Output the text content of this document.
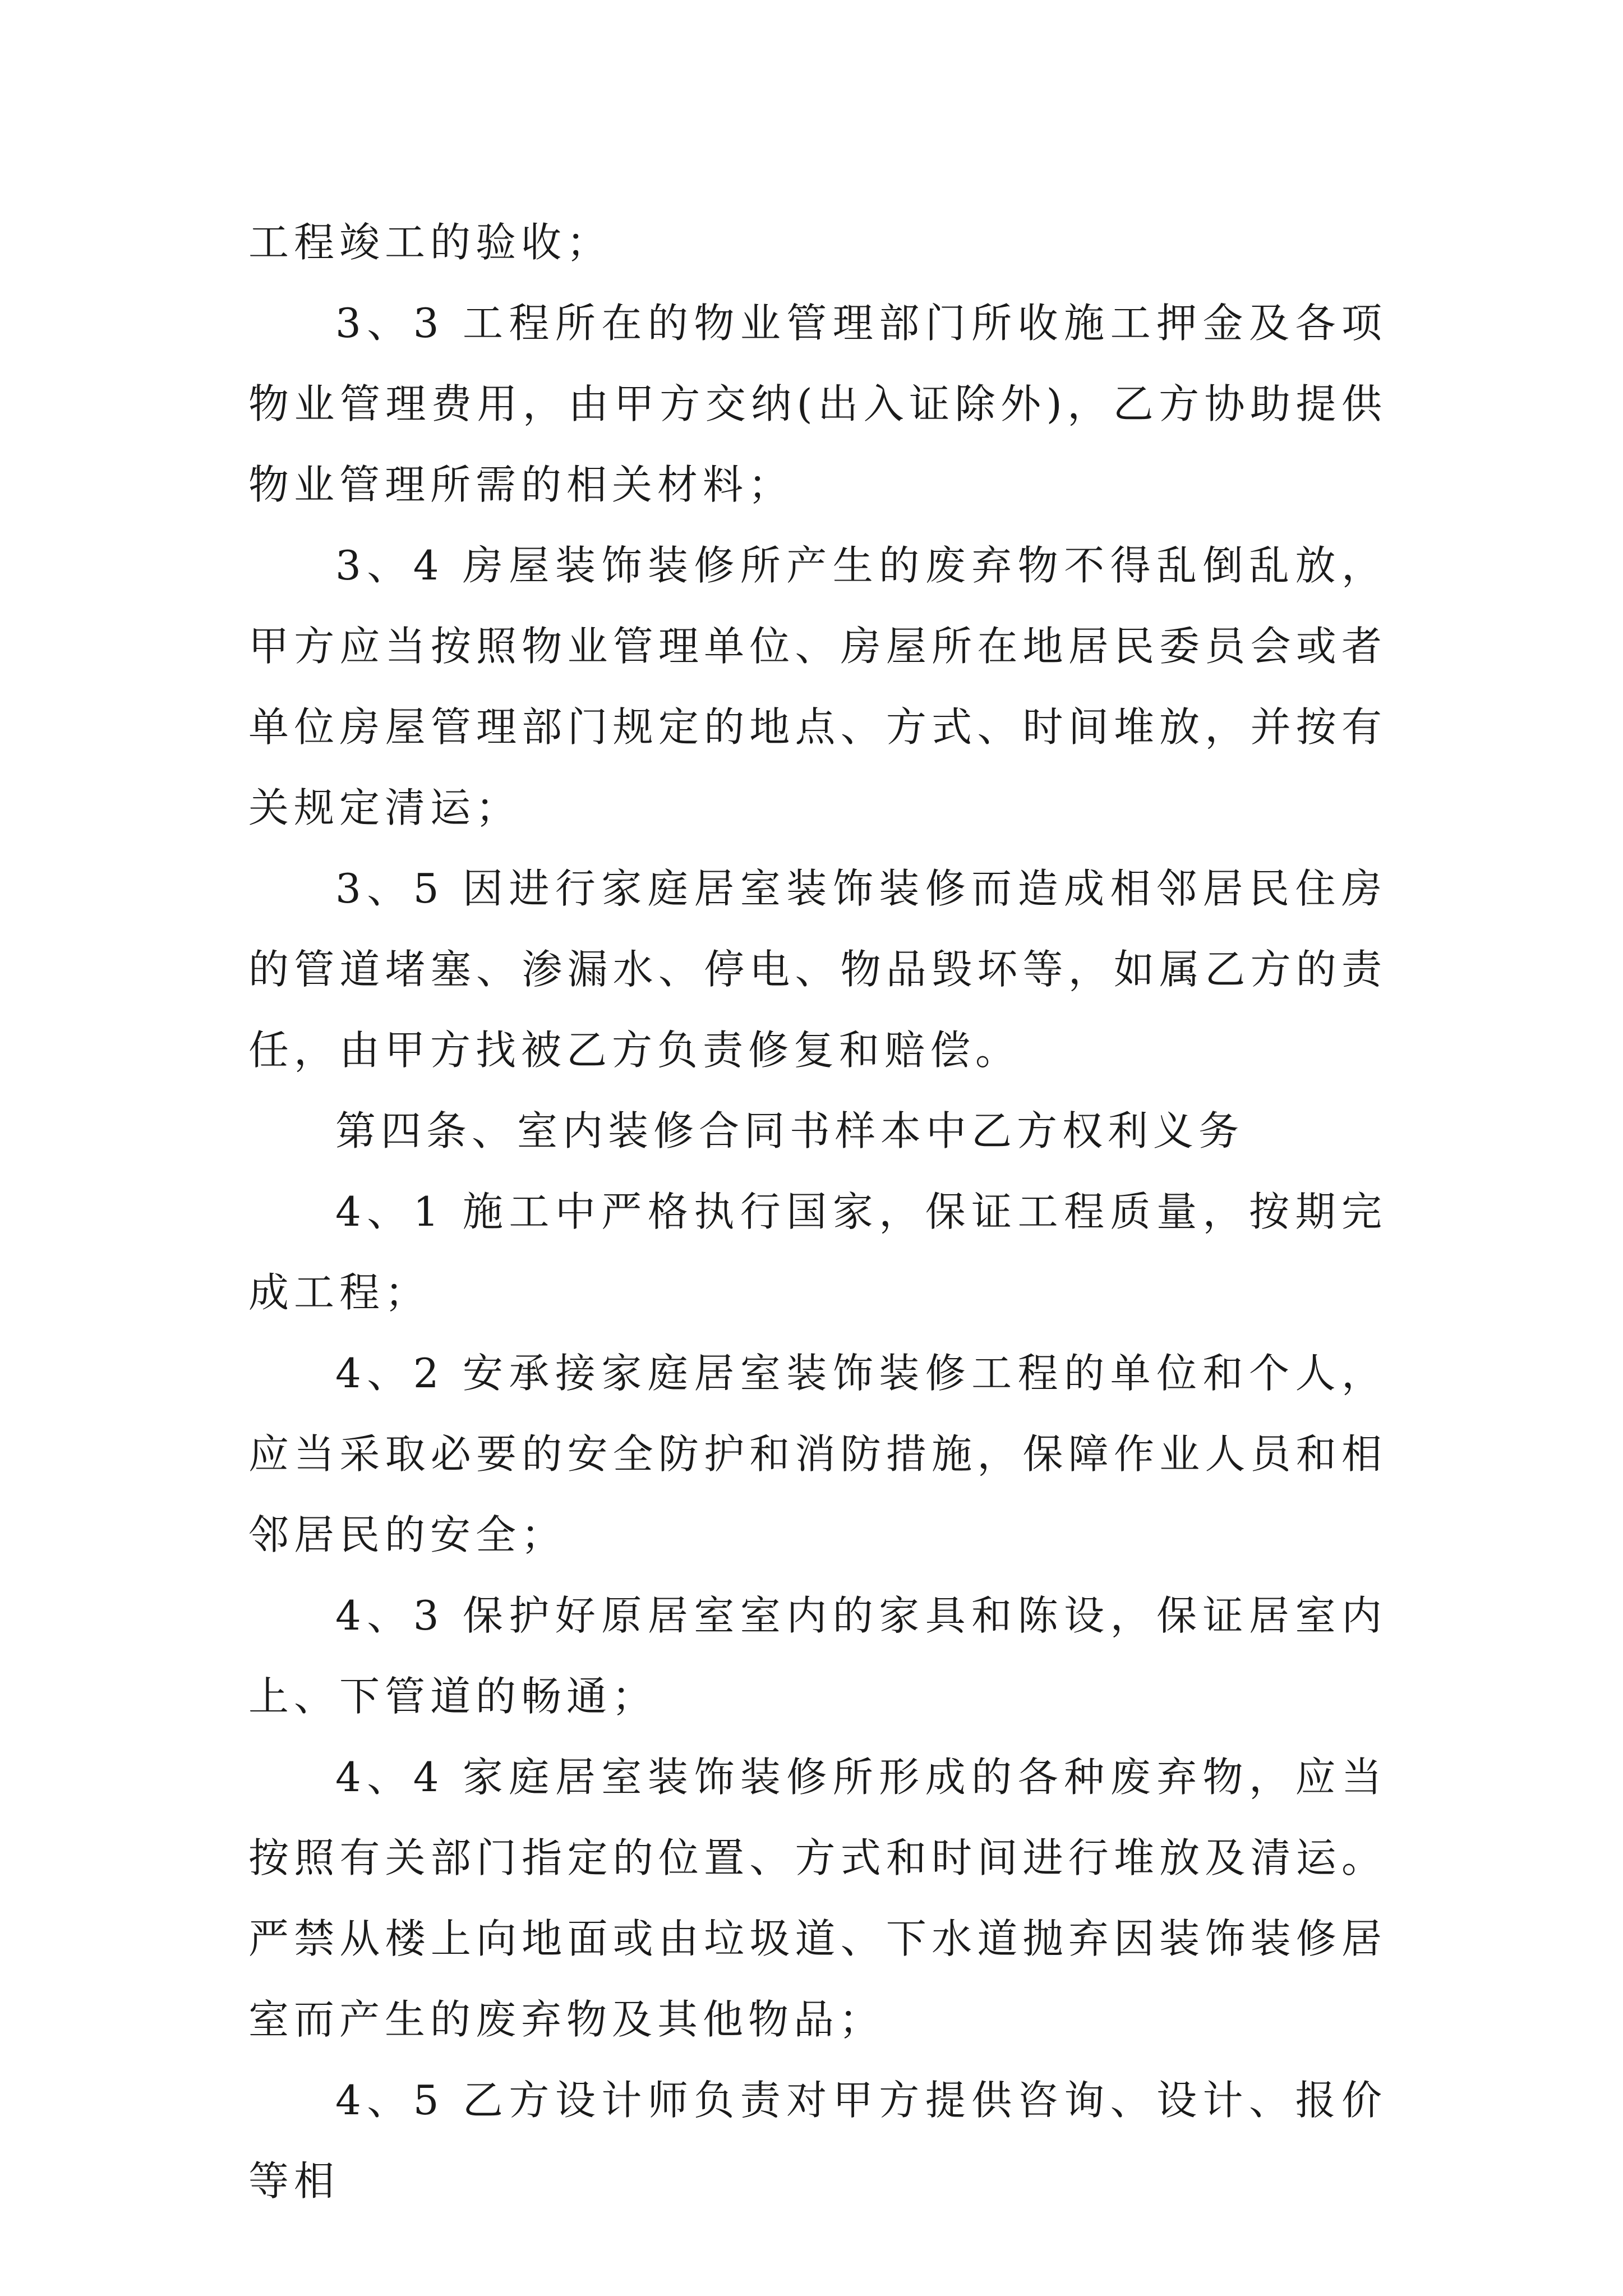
工程竣工的验收；

3、3 工程所在的物业管理部门所收施工押金及各项物业管理费用，由甲方交纳(出入证除外)，乙方协助提供物业管理所需的相关材料；

3、4 房屋装饰装修所产生的废弃物不得乱倒乱放，甲方应当按照物业管理单位、房屋所在地居民委员会或者单位房屋管理部门规定的地点、方式、时间堆放，并按有关规定清运；

3、5 因进行家庭居室装饰装修而造成相邻居民住房的管道堵塞、渗漏水、停电、物品毁坏等，如属乙方的责任，由甲方找被乙方负责修复和赔偿。

第四条、室内装修合同书样本中乙方权利义务

4、1 施工中严格执行国家，保证工程质量，按期完成工程；

4、2 安承接家庭居室装饰装修工程的单位和个人，应当采取必要的安全防护和消防措施，保障作业人员和相邻居民的安全；

4、3 保护好原居室室内的家具和陈设，保证居室内上、下管道的畅通；

4、4 家庭居室装饰装修所形成的各种废弃物，应当按照有关部门指定的位置、方式和时间进行堆放及清运。严禁从楼上向地面或由垃圾道、下水道抛弃因装饰装修居室而产生的废弃物及其他物品；

4、5 乙方设计师负责对甲方提供咨询、设计、报价等相
